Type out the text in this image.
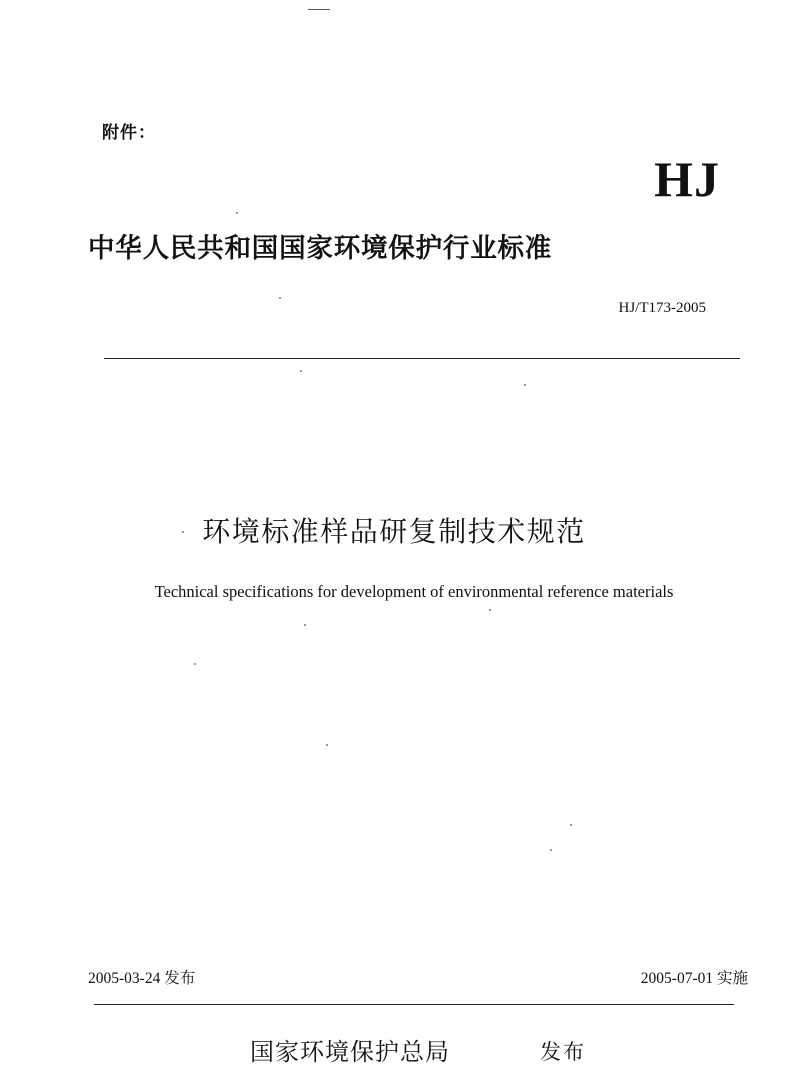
附件：
HJ
中华人民共和国国家环境保护行业标准
HJ/T173-2005
环境标准样品研复制技术规范
Technical specifications for development of environmental reference materials
2005-03-24 发布	2005-07-01 实施
国家环境保护总局	发布
